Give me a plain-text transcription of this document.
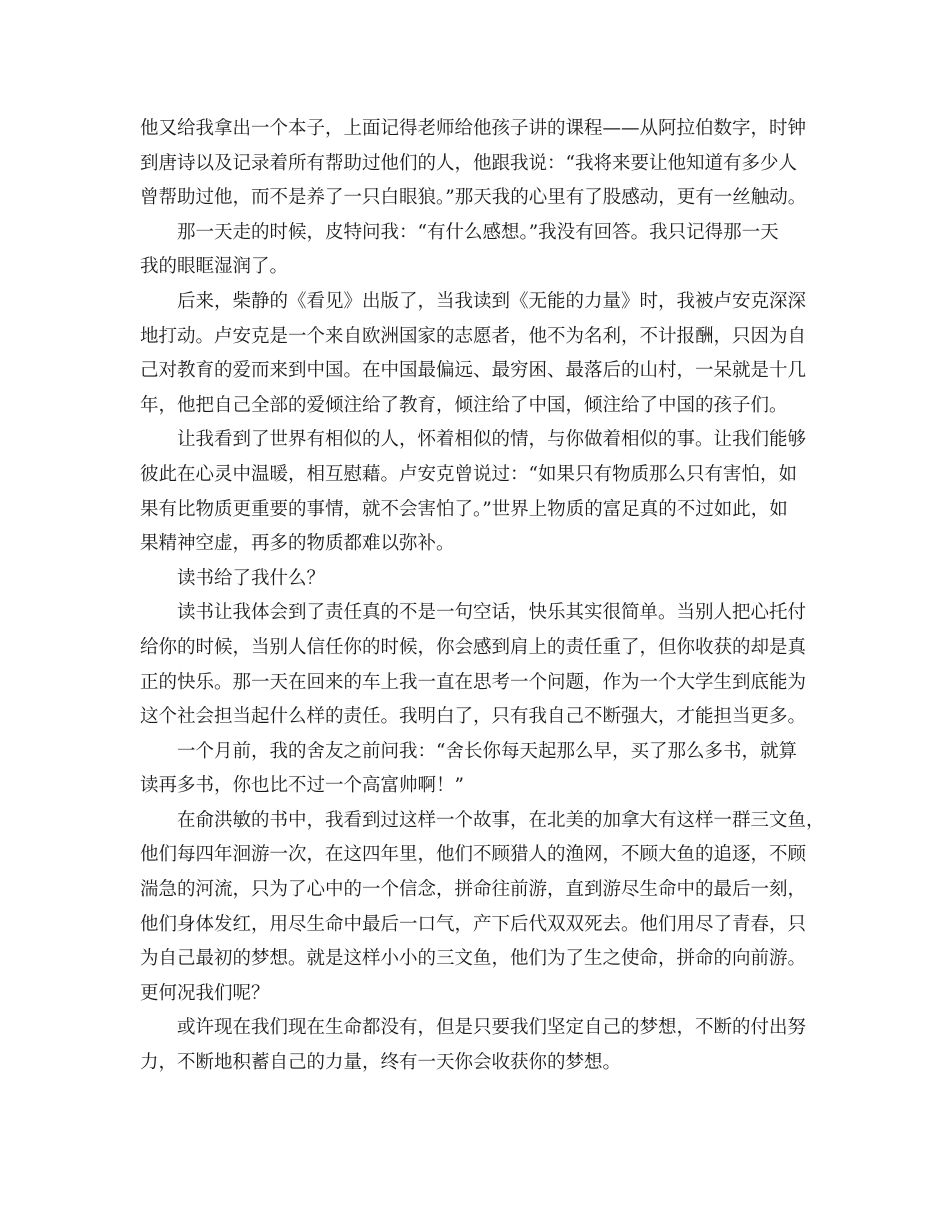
他又给我拿出一个本子，上面记得老师给他孩子讲的课程——从阿拉伯数字，时钟
到唐诗以及记录着所有帮助过他们的人，他跟我说：“我将来要让他知道有多少人
曾帮助过他，而不是养了一只白眼狼。”那天我的心里有了股感动，更有一丝触动。
那一天走的时候，皮特问我：“有什么感想。”我没有回答。我只记得那一天
我的眼眶湿润了。
后来，柴静的《看见》出版了，当我读到《无能的力量》时，我被卢安克深深
地打动。卢安克是一个来自欧洲国家的志愿者，他不为名利，不计报酬，只因为自
己对教育的爱而来到中国。在中国最偏远、最穷困、最落后的山村，一呆就是十几
年，他把自己全部的爱倾注给了教育，倾注给了中国，倾注给了中国的孩子们。
让我看到了世界有相似的人，怀着相似的情，与你做着相似的事。让我们能够
彼此在心灵中温暖，相互慰藉。卢安克曾说过：“如果只有物质那么只有害怕，如
果有比物质更重要的事情，就不会害怕了。”世界上物质的富足真的不过如此，如
果精神空虚，再多的物质都难以弥补。
读书给了我什么？
读书让我体会到了责任真的不是一句空话，快乐其实很简单。当别人把心托付
给你的时候，当别人信任你的时候，你会感到肩上的责任重了，但你收获的却是真
正的快乐。那一天在回来的车上我一直在思考一个问题，作为一个大学生到底能为
这个社会担当起什么样的责任。我明白了，只有我自己不断强大，才能担当更多。
一个月前，我的舍友之前问我：“舍长你每天起那么早，买了那么多书，就算
读再多书，你也比不过一个高富帅啊！”
在俞洪敏的书中，我看到过这样一个故事，在北美的加拿大有这样一群三文鱼，
他们每四年洄游一次，在这四年里，他们不顾猎人的渔网，不顾大鱼的追逐，不顾
湍急的河流，只为了心中的一个信念，拼命往前游，直到游尽生命中的最后一刻，
他们身体发红，用尽生命中最后一口气，产下后代双双死去。他们用尽了青春，只
为自己最初的梦想。就是这样小小的三文鱼，他们为了生之使命，拼命的向前游。
更何况我们呢？
或许现在我们现在生命都没有，但是只要我们坚定自己的梦想，不断的付出努
力，不断地积蓄自己的力量，终有一天你会收获你的梦想。
